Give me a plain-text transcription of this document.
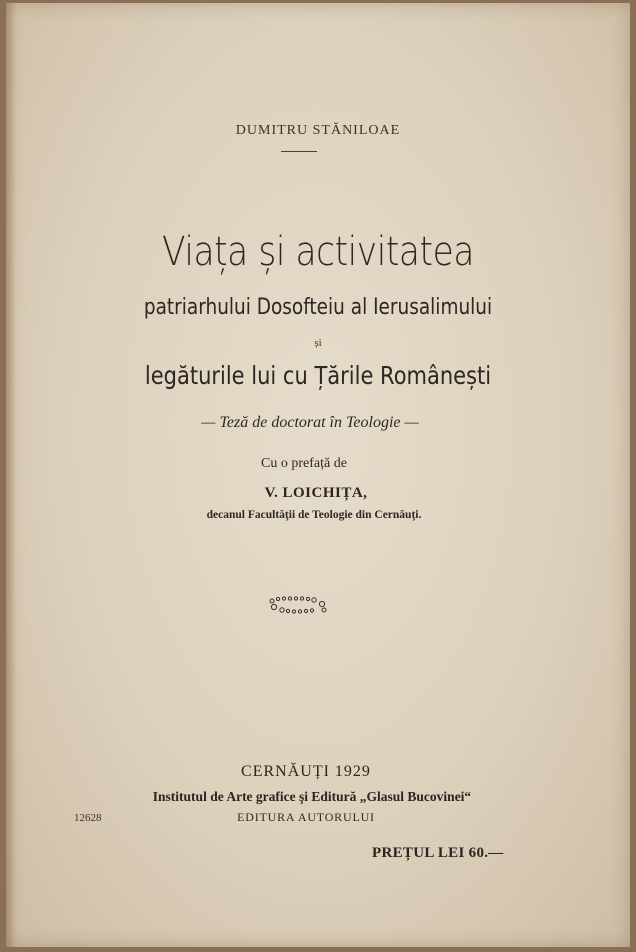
DUMITRU STĂNILOAE
Viața și activitatea
patriarhului Dosofteiu al Ierusalimului
și
legăturile lui cu Țările Românești
— Teză de doctorat în Teologie —
Cu o prefață de
V. LOICHIȚA,
decanul Facultăţii de Teologie din Cernăuţi.
CERNĂUȚI 1929
Institutul de Arte grafice şi Editură „Glasul Bucovinei“
EDITURA AUTORULUI
12628
PREȚUL LEI 60.—
